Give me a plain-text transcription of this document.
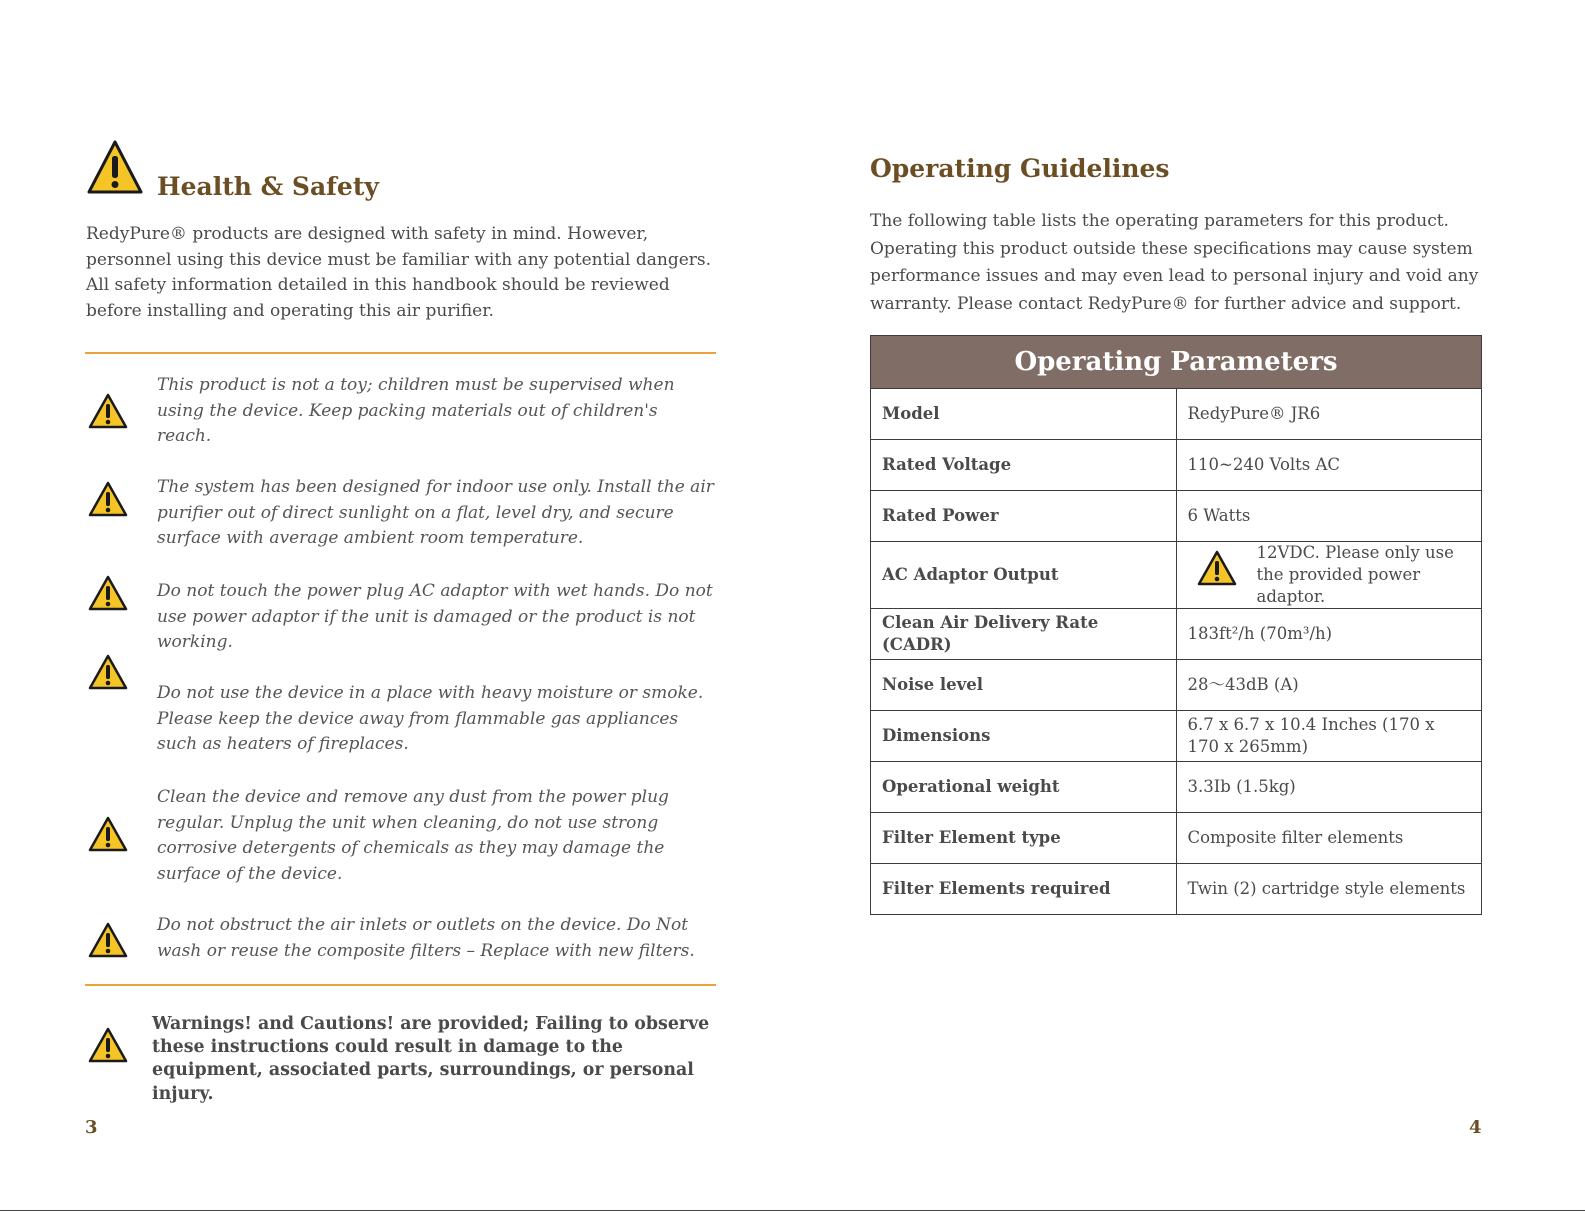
Health & Safety

RedyPure® products are designed with safety in mind. However, personnel using this device must be familiar with any potential dangers. All safety information detailed in this handbook should be reviewed before installing and operating this air purifier.

This product is not a toy; children must be supervised when using the device. Keep packing materials out of children's reach.

The system has been designed for indoor use only. Install the air purifier out of direct sunlight on a flat, level dry, and secure surface with average ambient room temperature.

Do not touch the power plug AC adaptor with wet hands. Do not use power adaptor if the unit is damaged or the product is not working.

Do not use the device in a place with heavy moisture or smoke. Please keep the device away from flammable gas appliances such as heaters of fireplaces.

Clean the device and remove any dust from the power plug regular. Unplug the unit when cleaning, do not use strong corrosive detergents of chemicals as they may damage the surface of the device.

Do not obstruct the air inlets or outlets on the device. Do Not wash or reuse the composite filters – Replace with new filters.

Warnings! and Cautions! are provided; Failing to observe these instructions could result in damage to the equipment, associated parts, surroundings, or personal injury.

3

Operating Guidelines

The following table lists the operating parameters for this product. Operating this product outside these specifications may cause system performance issues and may even lead to personal injury and void any warranty. Please contact RedyPure® for further advice and support.

Operating Parameters	
Model	RedyPure® JR6
Rated Voltage	110~240 Volts AC
Rated Power	6 Watts
AC Adaptor Output	12VDC. Please only use the provided power adaptor.
Clean Air Delivery Rate (CADR)	183ft²/h (70m³/h)
Noise level	28～43dB (A)
Dimensions	6.7 x 6.7 x 10.4 Inches (170 x 170 x 265mm)
Operational weight	3.3Ib (1.5kg)
Filter Element type	Composite filter elements
Filter Elements required	Twin (2) cartridge style elements

4
